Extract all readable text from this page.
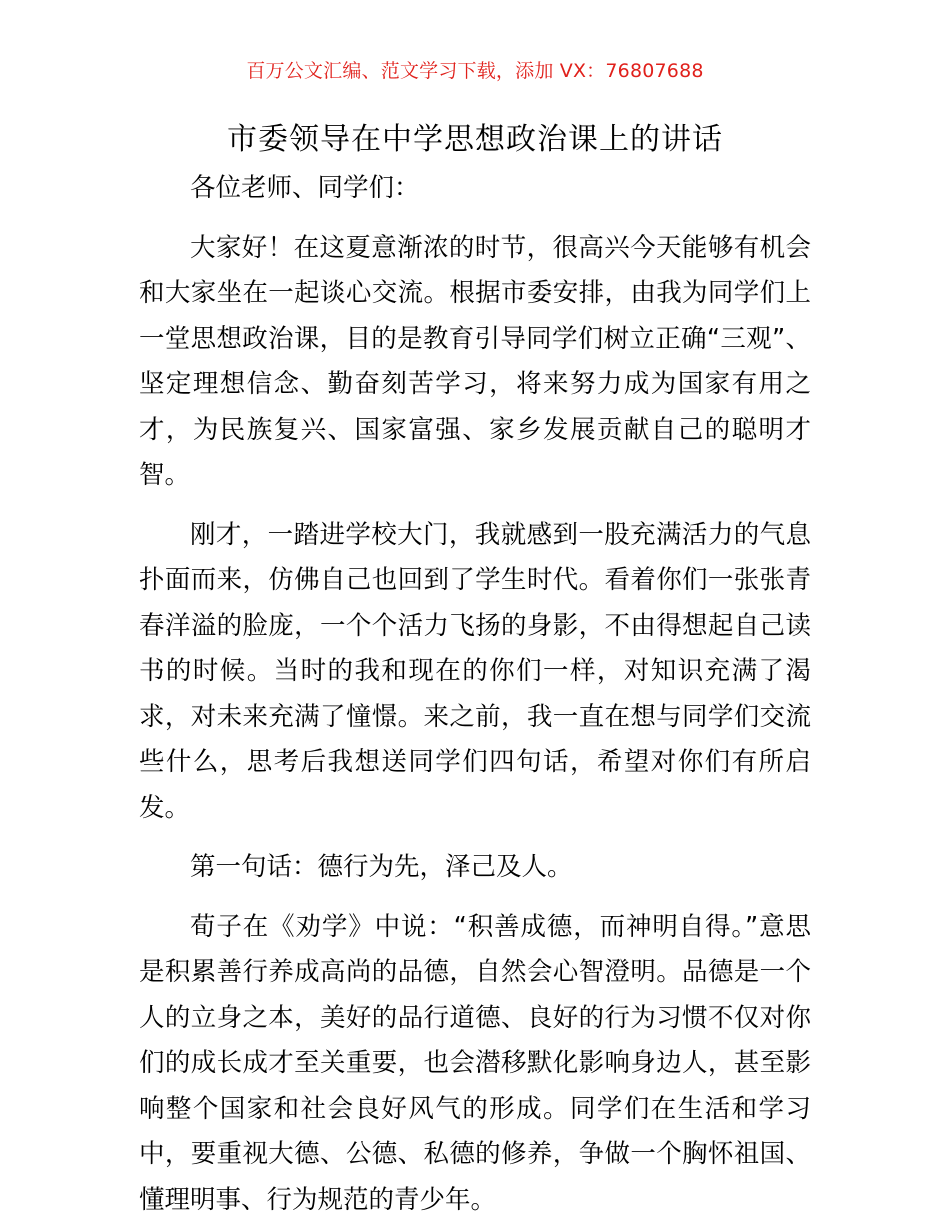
百万公文汇编、范文学习下载，添加 VX：76807688
市委领导在中学思想政治课上的讲话

各位老师、同学们：

大家好！在这夏意渐浓的时节，很高兴今天能够有机会和大家坐在一起谈心交流。根据市委安排，由我为同学们上一堂思想政治课，目的是教育引导同学们树立正确“三观”、坚定理想信念、勤奋刻苦学习，将来努力成为国家有用之才，为民族复兴、国家富强、家乡发展贡献自己的聪明才智。

刚才，一踏进学校大门，我就感到一股充满活力的气息扑面而来，仿佛自己也回到了学生时代。看着你们一张张青春洋溢的脸庞，一个个活力飞扬的身影，不由得想起自己读书的时候。当时的我和现在的你们一样，对知识充满了渴求，对未来充满了憧憬。来之前，我一直在想与同学们交流些什么，思考后我想送同学们四句话，希望对你们有所启发。

第一句话：德行为先，泽己及人。

荀子在《劝学》中说：“积善成德，而神明自得。”意思是积累善行养成高尚的品德，自然会心智澄明。品德是一个人的立身之本，美好的品行道德、良好的行为习惯不仅对你们的成长成才至关重要，也会潜移默化影响身边人，甚至影响整个国家和社会良好风气的形成。同学们在生活和学习中，要重视大德、公德、私德的修养，争做一个胸怀祖国、懂理明事、行为规范的青少年。
